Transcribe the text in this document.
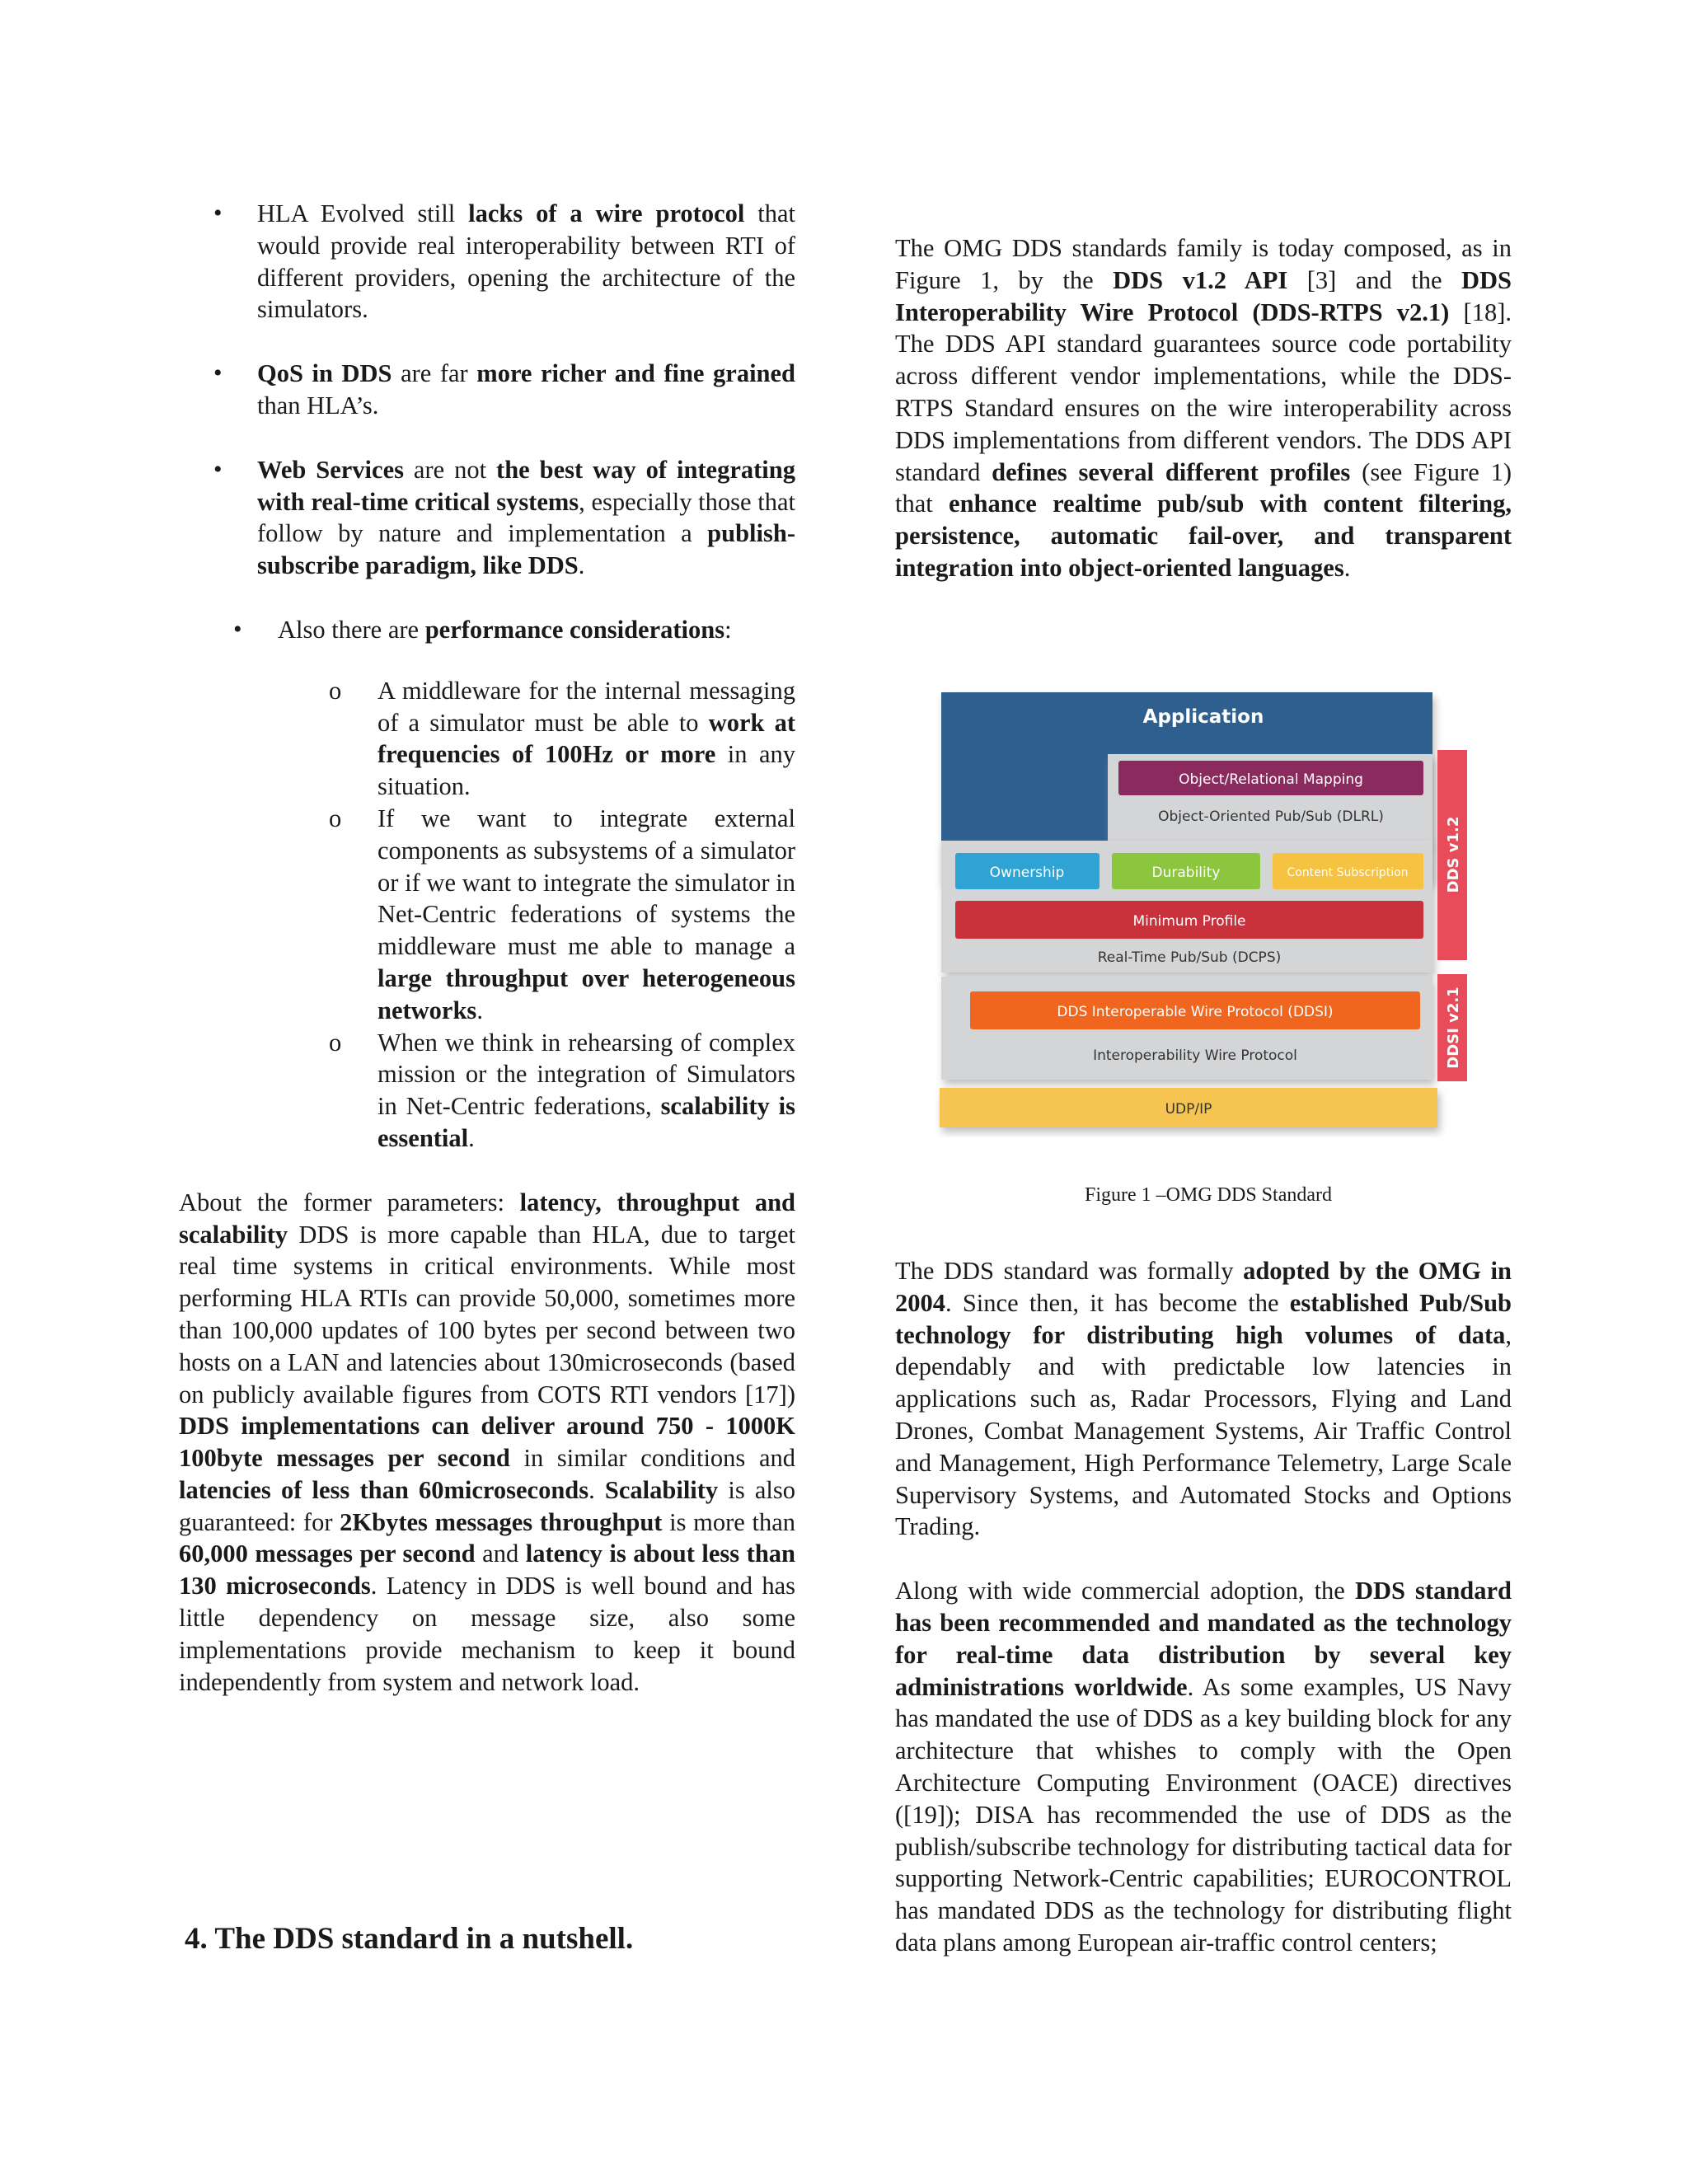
• HLA Evolved still lacks of a wire protocol that would provide real interoperability between RTI of different providers, opening the architecture of the simulators.
• QoS in DDS are far more richer and fine grained than HLA’s.
• Web Services are not the best way of integrating with real-time critical systems, especially those that follow by nature and implementation a publish-subscribe paradigm, like DDS.
• Also there are performance considerations:
o A middleware for the internal messaging of a simulator must be able to work at frequencies of 100Hz or more in any situation.
o If we want to integrate external components as subsystems of a simulator or if we want to integrate the simulator in Net-Centric federations of systems the middleware must me able to manage a large throughput over heterogeneous networks.
o When we think in rehearsing of complex mission or the integration of Simulators in Net-Centric federations, scalability is essential.

About the former parameters: latency, throughput and scalability DDS is more capable than HLA, due to target real time systems in critical environments. While most performing HLA RTIs can provide 50,000, sometimes more than 100,000 updates of 100 bytes per second between two hosts on a LAN and latencies about 130microseconds (based on publicly available figures from COTS RTI vendors [17]) DDS implementations can deliver around 750 - 1000K 100byte messages per second in similar conditions and latencies of less than 60microseconds. Scalability is also guaranteed: for 2Kbytes messages throughput is more than 60,000 messages per second and latency is about less than 130 microseconds. Latency in DDS is well bound and has little dependency on message size, also some implementations provide mechanism to keep it bound independently from system and network load.

4. The DDS standard in a nutshell.

The OMG DDS standards family is today composed, as in Figure 1, by the DDS v1.2 API [3] and the DDS Interoperability Wire Protocol (DDS-RTPS v2.1) [18]. The DDS API standard guarantees source code portability across different vendor implementations, while the DDS-RTPS Standard ensures on the wire interoperability across DDS implementations from different vendors. The DDS API standard defines several different profiles (see Figure 1) that enhance realtime pub/sub with content filtering, persistence, automatic fail-over, and transparent integration into object-oriented languages.

Application
Object/Relational Mapping
Object-Oriented Pub/Sub (DLRL)
Ownership	Durability	Content Subscription
Minimum Profile
Real-Time Pub/Sub (DCPS)
DDS Interoperable Wire Protocol (DDSI)
Interoperability Wire Protocol
UDP/IP
DDS v1.2
DDSI v2.1
Figure 1 –OMG DDS Standard

The DDS standard was formally adopted by the OMG in 2004. Since then, it has become the established Pub/Sub technology for distributing high volumes of data, dependably and with predictable low latencies in applications such as, Radar Processors, Flying and Land Drones, Combat Management Systems, Air Traffic Control and Management, High Performance Telemetry, Large Scale Supervisory Systems, and Automated Stocks and Options Trading.

Along with wide commercial adoption, the DDS standard has been recommended and mandated as the technology for real-time data distribution by several key administrations worldwide. As some examples, US Navy has mandated the use of DDS as a key building block for any architecture that whishes to comply with the Open Architecture Computing Environment (OACE) directives ([19]); DISA has recommended the use of DDS as the publish/subscribe technology for distributing tactical data for supporting Network-Centric capabilities; EUROCONTROL has mandated DDS as the technology for distributing flight data plans among European air-traffic control centers;
